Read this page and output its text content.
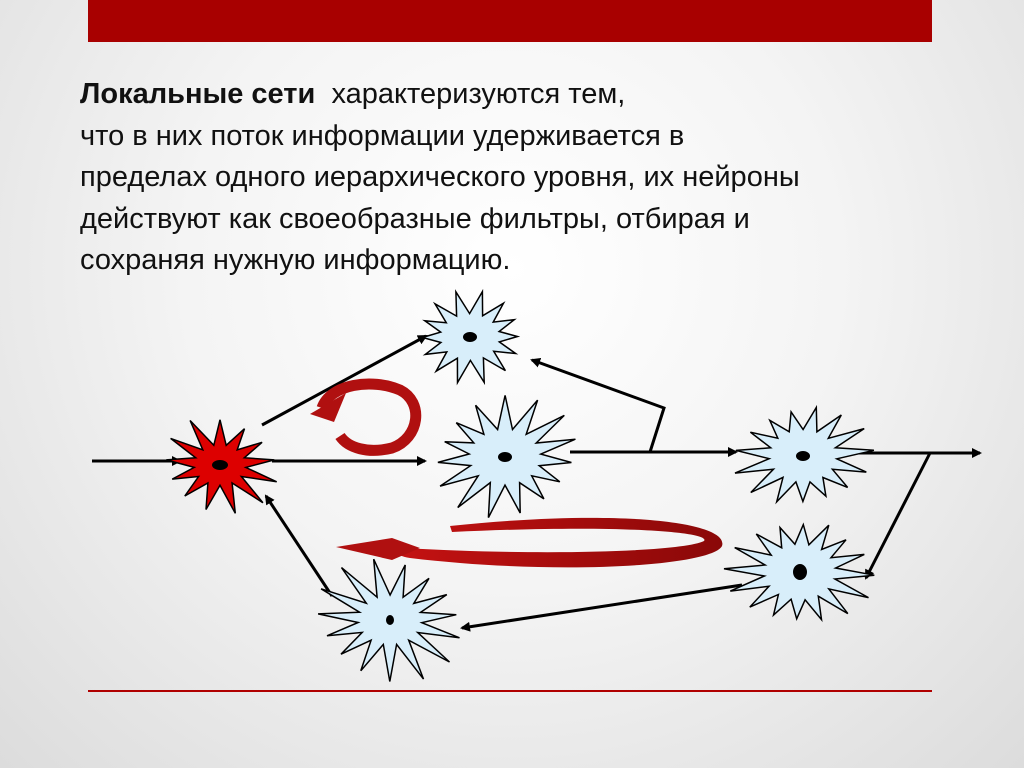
Локальные сети характеризуются тем,
что в них поток информации удерживается в
пределах одного иерархического уровня, их нейроны
действуют как своеобразные фильтры, отбирая и
сохраняя нужную информацию.
